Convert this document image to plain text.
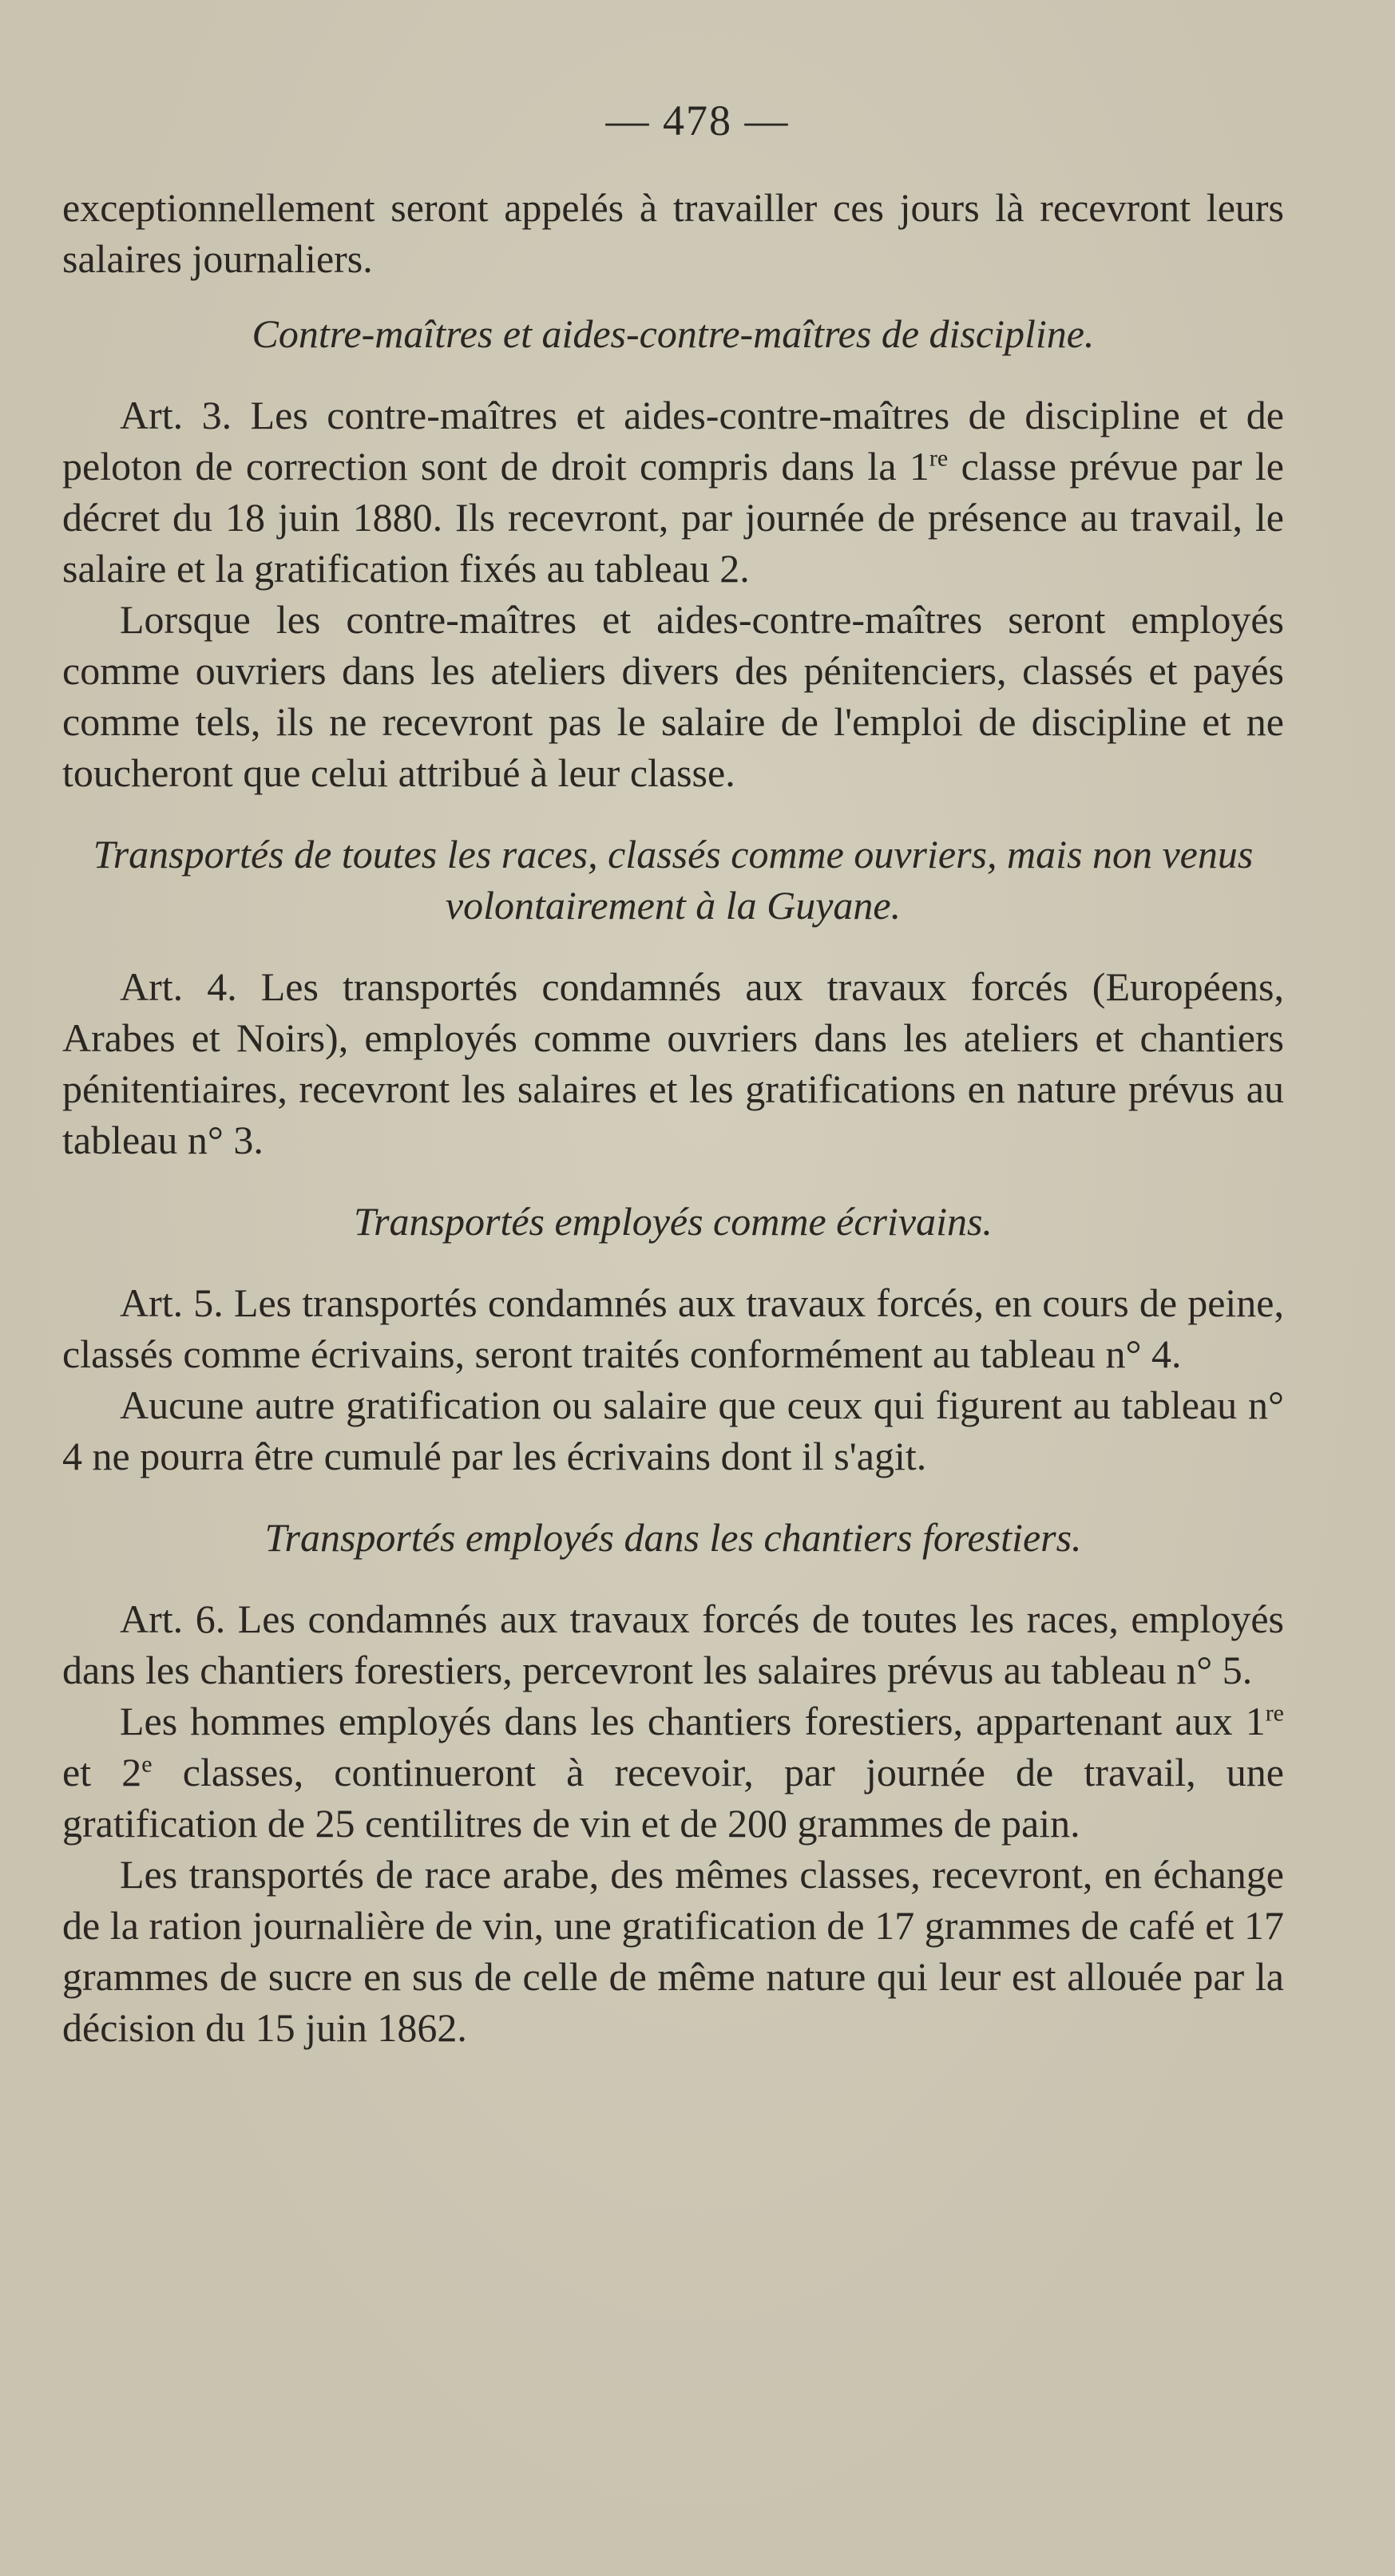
— 478 —

exceptionnellement seront appelés à travailler ces jours là recevront leurs salaires journaliers.

Contre-maîtres et aides-contre-maîtres de discipline.

Art. 3. Les contre-maîtres et aides-contre-maîtres de discipline et de peloton de correction sont de droit compris dans la 1re classe prévue par le décret du 18 juin 1880. Ils recevront, par journée de présence au travail, le salaire et la gratification fixés au tableau 2.

Lorsque les contre-maîtres et aides-contre-maîtres seront employés comme ouvriers dans les ateliers divers des pénitenciers, classés et payés comme tels, ils ne recevront pas le salaire de l'emploi de discipline et ne toucheront que celui attribué à leur classe.

Transportés de toutes les races, classés comme ouvriers, mais non venus volontairement à la Guyane.

Art. 4. Les transportés condamnés aux travaux forcés (Européens, Arabes et Noirs), employés comme ouvriers dans les ateliers et chantiers pénitentiaires, recevront les salaires et les gratifications en nature prévus au tableau n° 3.

Transportés employés comme écrivains.

Art. 5. Les transportés condamnés aux travaux forcés, en cours de peine, classés comme écrivains, seront traités conformément au tableau n° 4.

Aucune autre gratification ou salaire que ceux qui figurent au tableau n° 4 ne pourra être cumulé par les écrivains dont il s'agit.

Transportés employés dans les chantiers forestiers.

Art. 6. Les condamnés aux travaux forcés de toutes les races, employés dans les chantiers forestiers, percevront les salaires prévus au tableau n° 5.

Les hommes employés dans les chantiers forestiers, appartenant aux 1re et 2e classes, continueront à recevoir, par journée de travail, une gratification de 25 centilitres de vin et de 200 grammes de pain.

Les transportés de race arabe, des mêmes classes, recevront, en échange de la ration journalière de vin, une gratification de 17 grammes de café et 17 grammes de sucre en sus de celle de même nature qui leur est allouée par la décision du 15 juin 1862.
